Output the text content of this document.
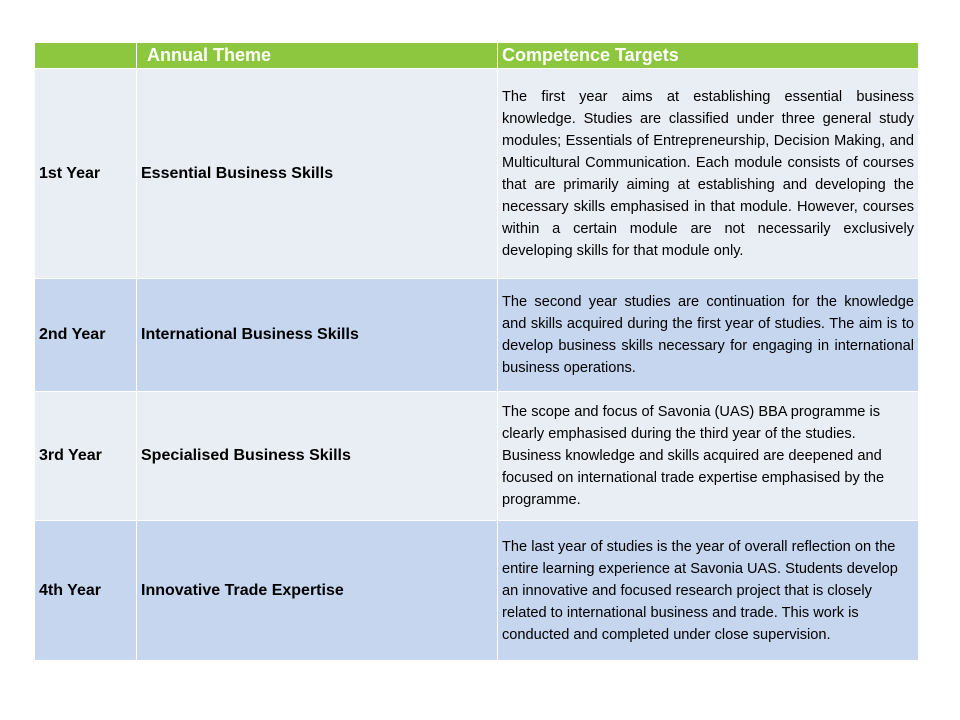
	Annual Theme	Competence Targets
1st Year	Essential Business Skills	The first year aims at establishing essential business knowledge. Studies are classified under three general study modules; Essentials of Entrepreneurship, Decision Making, and Multicultural Communication. Each module consists of courses that are primarily aiming at establishing and developing the necessary skills emphasised in that module. However, courses within a certain module are not necessarily exclusively developing skills for that module only.
2nd Year	International Business Skills	The second year studies are continuation for the knowledge and skills acquired during the first year of studies. The aim is to develop business skills necessary for engaging in international business operations.
3rd Year	Specialised Business Skills	The scope and focus of Savonia (UAS) BBA programme is clearly emphasised during the third year of the studies. Business knowledge and skills acquired are deepened and focused on international trade expertise emphasised by the programme.
4th Year	Innovative Trade Expertise	The last year of studies is the year of overall reflection on the entire learning experience at Savonia UAS. Students develop an innovative and focused research project that is closely related to international business and trade. This work is conducted and completed under close supervision.
